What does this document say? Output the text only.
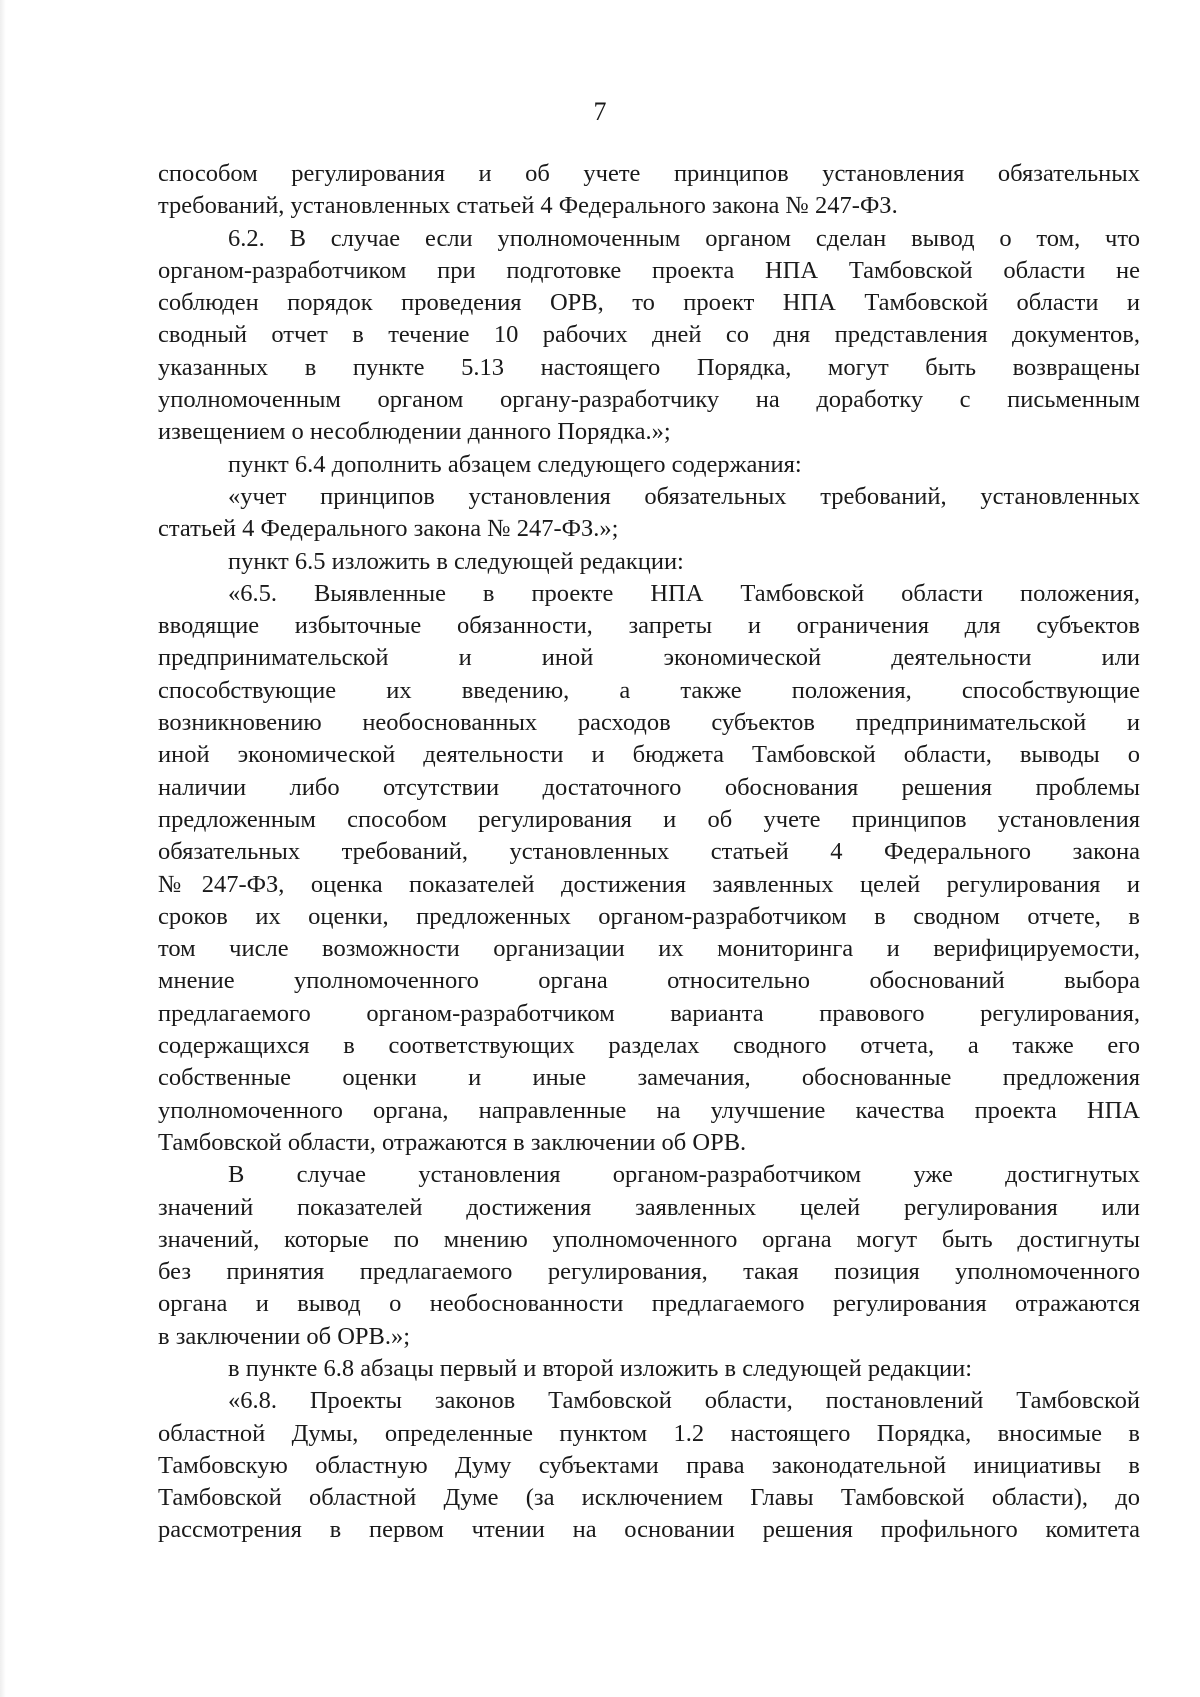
7
способом регулирования и об учете принципов установления обязательных
требований, установленных статьей 4 Федерального закона № 247-ФЗ.
6.2. В случае если уполномоченным органом сделан вывод о том, что
органом-разработчиком при подготовке проекта НПА Тамбовской области не
соблюден порядок проведения ОРВ, то проект НПА Тамбовской области и
сводный отчет в течение 10 рабочих дней со дня представления документов,
указанных в пункте 5.13 настоящего Порядка, могут быть возвращены
уполномоченным органом органу-разработчику на доработку с письменным
извещением о несоблюдении данного Порядка.»;
пункт 6.4 дополнить абзацем следующего содержания:
«учет принципов установления обязательных требований, установленных
статьей 4 Федерального закона № 247-ФЗ.»;
пункт 6.5 изложить в следующей редакции:
«6.5. Выявленные в проекте НПА Тамбовской области положения,
вводящие избыточные обязанности, запреты и ограничения для субъектов
предпринимательской и иной экономической деятельности или
способствующие их введению, а также положения, способствующие
возникновению необоснованных расходов субъектов предпринимательской и
иной экономической деятельности и бюджета Тамбовской области, выводы о
наличии либо отсутствии достаточного обоснования решения проблемы
предложенным способом регулирования и об учете принципов установления
обязательных требований, установленных статьей 4 Федерального закона
№247-ФЗ, оценка показателей достижения заявленных целей регулирования и
сроков их оценки, предложенных органом-разработчиком в сводном отчете, в
том числе возможности организации их мониторинга и верифицируемости,
мнение уполномоченного органа относительно обоснований выбора
предлагаемого органом-разработчиком варианта правового регулирования,
содержащихся в соответствующих разделах сводного отчета, а также его
собственные оценки и иные замечания, обоснованные предложения
уполномоченного органа, направленные на улучшение качества проекта НПА
Тамбовской области, отражаются в заключении об ОРВ.
В случае установления органом-разработчиком уже достигнутых
значений показателей достижения заявленных целей регулирования или
значений, которые по мнению уполномоченного органа могут быть достигнуты
без принятия предлагаемого регулирования, такая позиция уполномоченного
органа и вывод о необоснованности предлагаемого регулирования отражаются
в заключении об ОРВ.»;
в пункте 6.8 абзацы первый и второй изложить в следующей редакции:
«6.8. Проекты законов Тамбовской области, постановлений Тамбовской
областной Думы, определенные пунктом 1.2 настоящего Порядка, вносимые в
Тамбовскую областную Думу субъектами права законодательной инициативы в
Тамбовской областной Думе (за исключением Главы Тамбовской области), до
рассмотрения в первом чтении на основании решения профильного комитета
